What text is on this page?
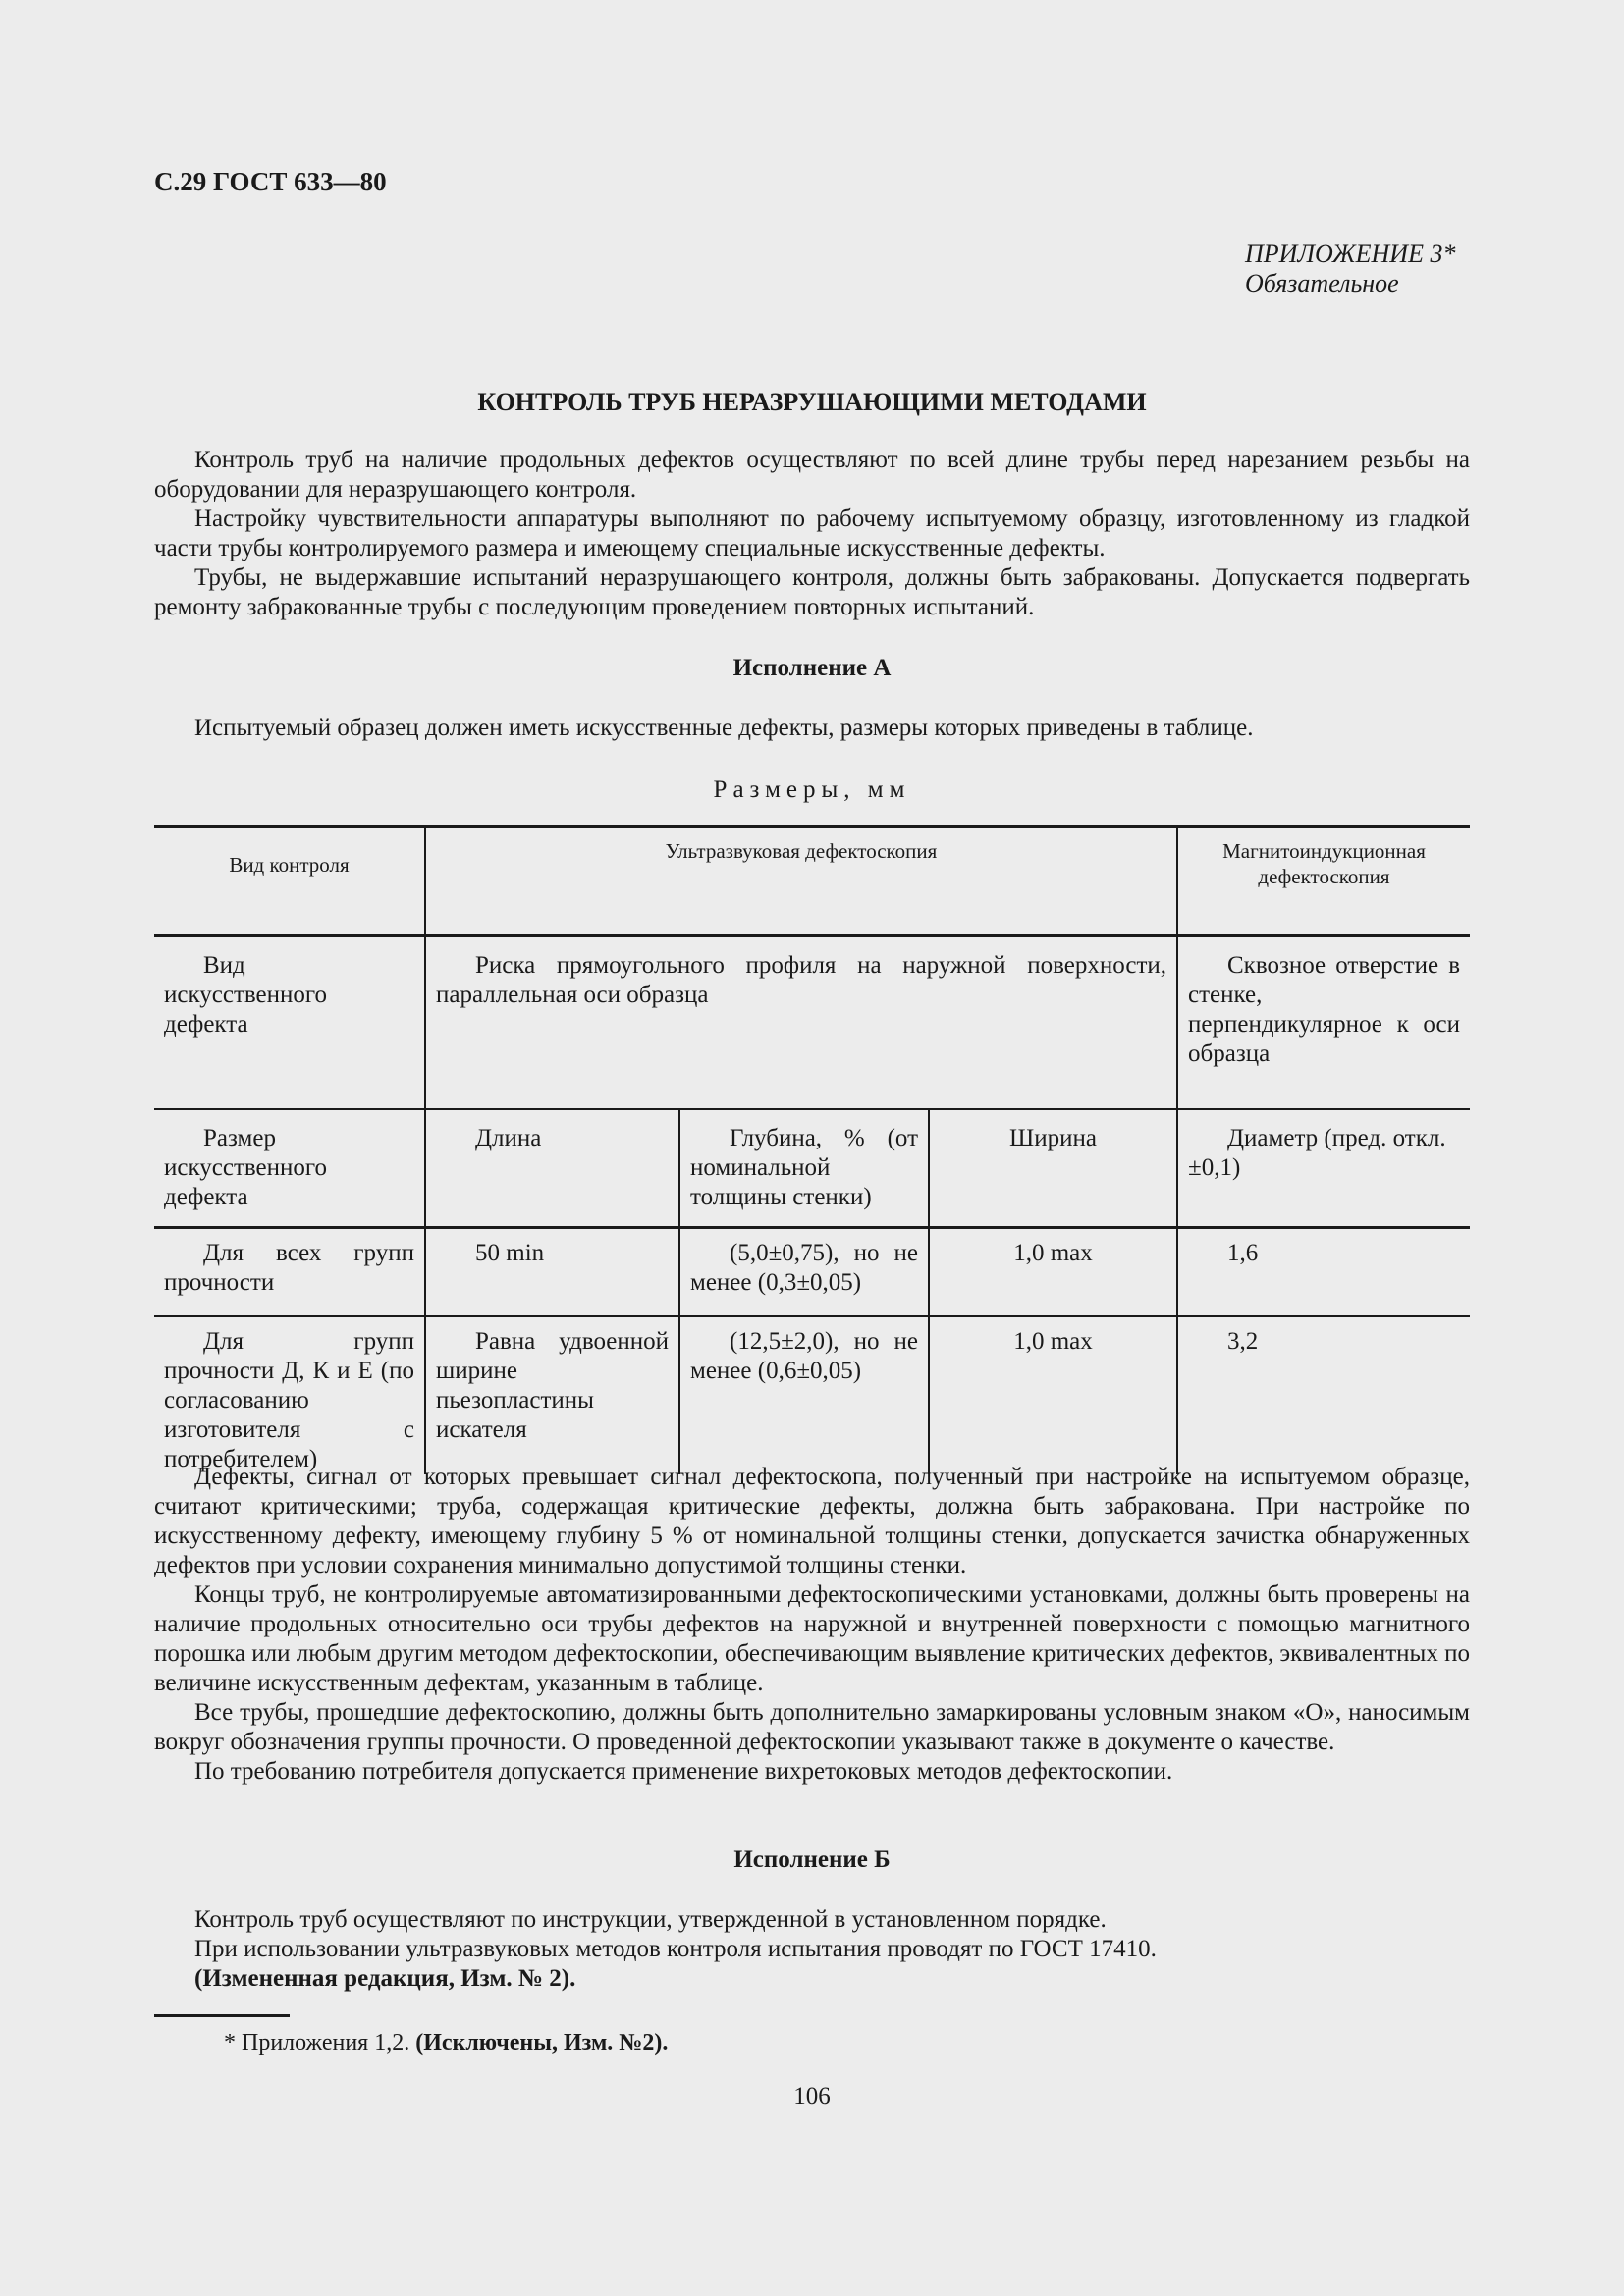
С.29 ГОСТ 633—80
ПРИЛОЖЕНИЕ 3*
Обязательное
КОНТРОЛЬ ТРУБ НЕРАЗРУШАЮЩИМИ МЕТОДАМИ

Контроль труб на наличие продольных дефектов осуществляют по всей длине трубы перед нарезанием резьбы на оборудовании для неразрушающего контроля.

Настройку чувствительности аппаратуры выполняют по рабочему испытуемому образцу, изготовленному из гладкой части трубы контролируемого размера и имеющему специальные искусственные дефекты.

Трубы, не выдержавшие испытаний неразрушающего контроля, должны быть забракованы. Допускается подвергать ремонту забракованные трубы с последующим проведением повторных испытаний.

Исполнение А

Испытуемый образец должен иметь искусственные дефекты, размеры которых приведены в таблице.

Размеры, мм
Вид контроля	Ультразвуковая дефектоскопия			Магнитоиндукционная дефектоскопия
Вид искусственного дефекта	Риска прямоугольного профиля на наружной поверхности, параллельная оси образца			Сквозное отверстие в стенке, перпендикулярное к оси образца
Размер искусственного дефекта	Длина	Глубина, % (от номинальной толщины стенки)	Ширина	Диаметр (пред. откл. ±0,1)
Для всех групп прочности	50 min	(5,0±0,75), но не менее (0,3±0,05)	1,0 max	1,6
Для групп прочности Д, К и Е (по согласованию изготовителя с потребителем)	Равна удвоенной ширине пьезопластины искателя	(12,5±2,0), но не менее (0,6±0,05)	1,0 max	3,2

Дефекты, сигнал от которых превышает сигнал дефектоскопа, полученный при настройке на испытуемом образце, считают критическими; труба, содержащая критические дефекты, должна быть забракована. При настройке по искусственному дефекту, имеющему глубину 5 % от номинальной толщины стенки, допускается зачистка обнаруженных дефектов при условии сохранения минимально допустимой толщины стенки.

Концы труб, не контролируемые автоматизированными дефектоскопическими установками, должны быть проверены на наличие продольных относительно оси трубы дефектов на наружной и внутренней поверхности с помощью магнитного порошка или любым другим методом дефектоскопии, обеспечивающим выявление критических дефектов, эквивалентных по величине искусственным дефектам, указанным в таблице.

Все трубы, прошедшие дефектоскопию, должны быть дополнительно замаркированы условным знаком «О», наносимым вокруг обозначения группы прочности. О проведенной дефектоскопии указывают также в документе о качестве.

По требованию потребителя допускается применение вихретоковых методов дефектоскопии.

Исполнение Б

Контроль труб осуществляют по инструкции, утвержденной в установленном порядке.

При использовании ультразвуковых методов контроля испытания проводят по ГОСТ 17410.

(Измененная редакция, Изм. № 2).

* Приложения 1,2. (Исключены, Изм. №2).
106
